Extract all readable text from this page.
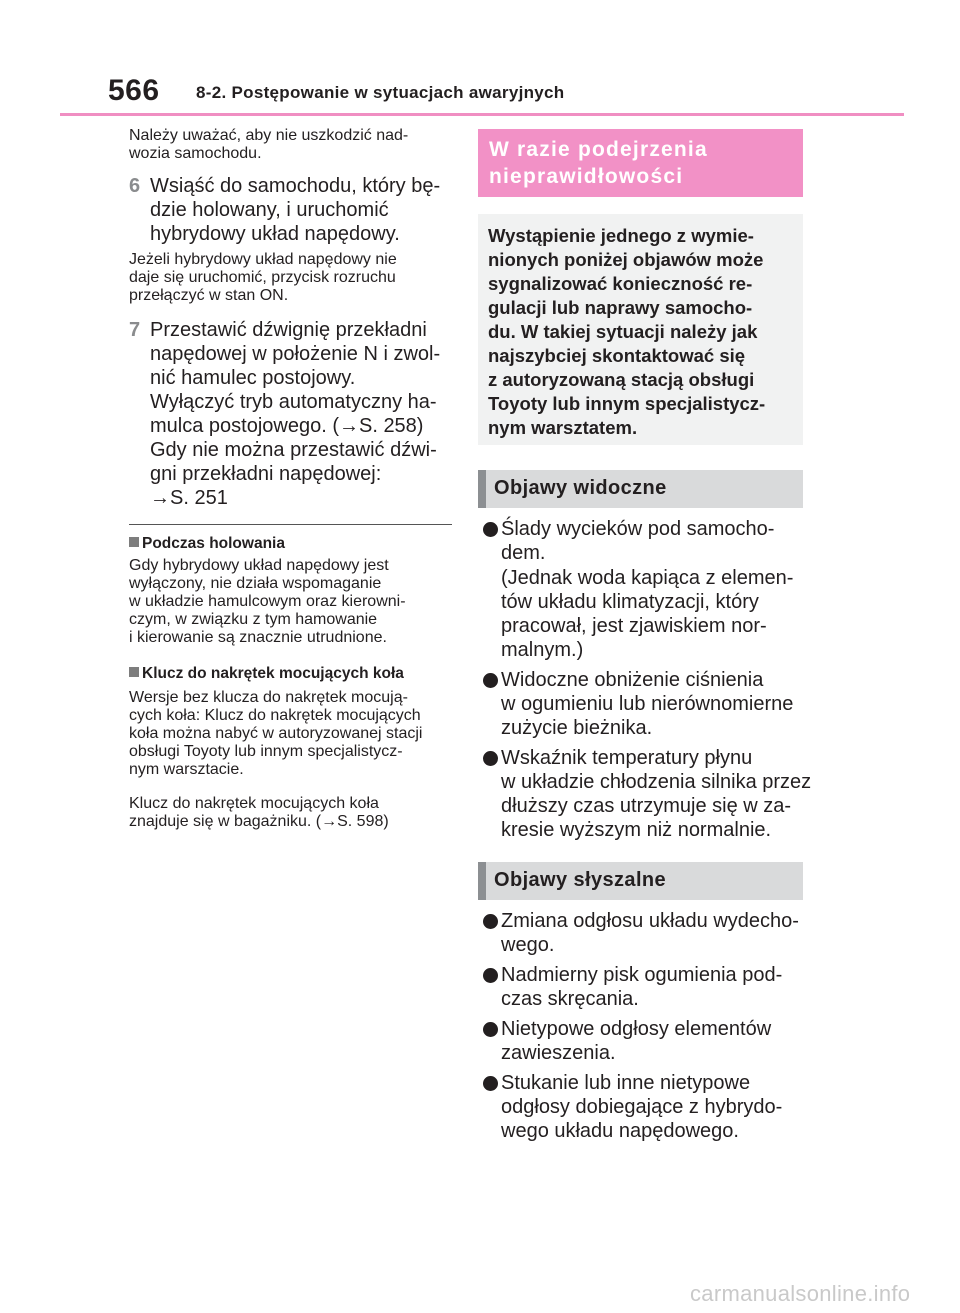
566 8-2. Postępowanie w sytuacjach awaryjnych
Należy uważać, aby nie uszkodzić nad-
wozia samochodu.
6 Wsiąść do samochodu, który bę-
dzie holowany, i uruchomić
hybrydowy układ napędowy.
Jeżeli hybrydowy układ napędowy nie
daje się uruchomić, przycisk rozruchu
przełączyć w stan ON.
7 Przestawić dźwignię przekładni
napędowej w położenie N i zwol-
nić hamulec postojowy.
Wyłączyć tryb automatyczny ha-
mulca postojowego. (→S. 258)
Gdy nie można przestawić dźwi-
gni przekładni napędowej:
→S. 251
Podczas holowania
Gdy hybrydowy układ napędowy jest
wyłączony, nie działa wspomaganie
w układzie hamulcowym oraz kierowni-
czym, w związku z tym hamowanie
i kierowanie są znacznie utrudnione.
Klucz do nakrętek mocujących koła
Wersje bez klucza do nakrętek mocują-
cych koła: Klucz do nakrętek mocujących
koła można nabyć w autoryzowanej stacji
obsługi Toyoty lub innym specjalistycz-
nym warsztacie.
Klucz do nakrętek mocujących koła
znajduje się w bagażniku. (→S. 598)
W razie podejrzenia
nieprawidłowości
Wystąpienie jednego z wymie-
nionych poniżej objawów może
sygnalizować konieczność re-
gulacji lub naprawy samocho-
du. W takiej sytuacji należy jak
najszybciej skontaktować się
z autoryzowaną stacją obsługi
Toyoty lub innym specjalistycz-
nym warsztatem.
Objawy widoczne
Ślady wycieków pod samocho-
dem.
(Jednak woda kapiąca z elemen-
tów układu klimatyzacji, który
pracował, jest zjawiskiem nor-
malnym.)
Widoczne obniżenie ciśnienia
w ogumieniu lub nierównomierne
zużycie bieżnika.
Wskaźnik temperatury płynu
w układzie chłodzenia silnika przez
dłuższy czas utrzymuje się w za-
kresie wyższym niż normalnie.
Objawy słyszalne
Zmiana odgłosu układu wydecho-
wego.
Nadmierny pisk ogumienia pod-
czas skręcania.
Nietypowe odgłosy elementów
zawieszenia.
Stukanie lub inne nietypowe
odgłosy dobiegające z hybrydo-
wego układu napędowego.
carmanualsonline.info
